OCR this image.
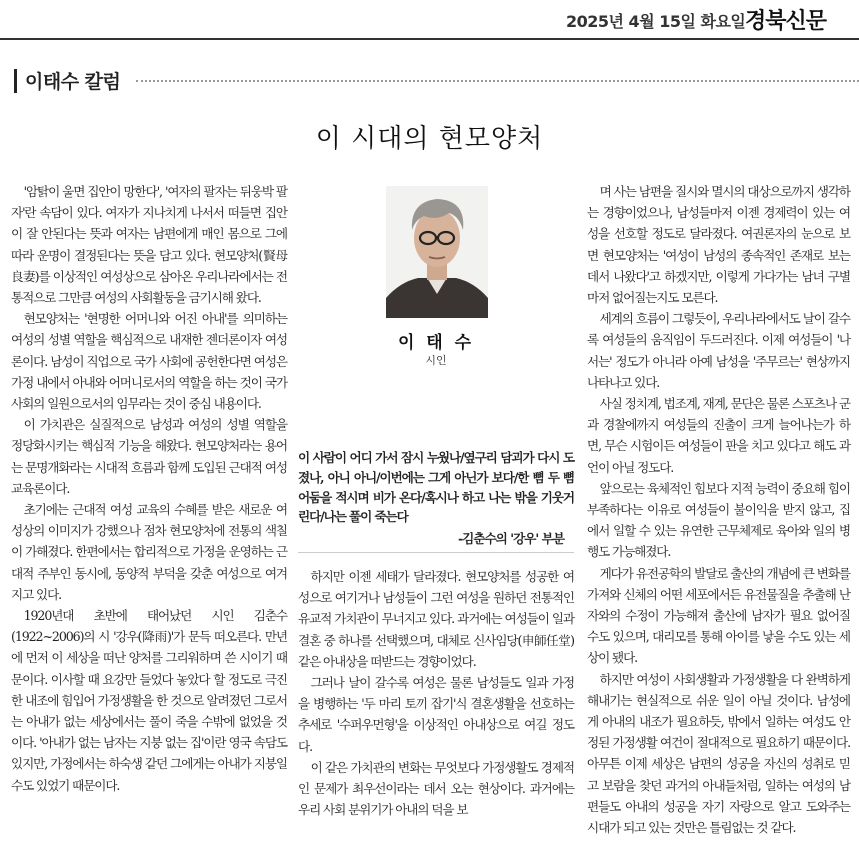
2025년 4월 15일 화요일 경북신문
이태수 칼럼
이 시대의 현모양처

'암탉이 울면 집안이 망한다', '여자의 팔자는 뒤웅박 팔자'란 속담이 있다. 여자가 지나치게 나서서 떠들면 집안이 잘 안된다는 뜻과 여자는 남편에게 매인 몸으로 그에 따라 운명이 결정된다는 뜻을 담고 있다. 현모양처(賢母良妻)를 이상적인 여성상으로 삼아온 우리나라에서는 전통적으로 그만큼 여성의 사회활동을 금기시해 왔다.

현모양처는 '현명한 어머니와 어진 아내'를 의미하는 여성의 성별 역할을 핵심적으로 내재한 젠더론이자 여성론이다. 남성이 직업으로 국가 사회에 공헌한다면 여성은 가정 내에서 아내와 어머니로서의 역할을 하는 것이 국가 사회의 일원으로서의 임무라는 것이 중심 내용이다.

이 가치관은 실질적으로 남성과 여성의 성별 역할을 정당화시키는 핵심적 기능을 해왔다. 현모양처라는 용어는 문명개화라는 시대적 흐름과 함께 도입된 근대적 여성교육론이다.

초기에는 근대적 여성 교육의 수혜를 받은 새로운 여성상의 이미지가 강했으나 점차 현모양처에 전통의 색칠이 가해졌다. 한편에서는 합리적으로 가정을 운영하는 근대적 주부인 동시에, 동양적 부덕을 갖춘 여성으로 여겨지고 있다.

1920년대 초반에 태어났던 시인 김춘수(1922~2006)의 시 '강우(降雨)'가 문득 떠오른다. 만년에 먼저 이 세상을 떠난 양처를 그리워하며 쓴 시이기 때문이다. 이사할 때 요강만 들었다 놓았다 할 정도로 극진한 내조에 힘입어 가정생활을 한 것으로 알려졌던 그로서는 아내가 없는 세상에서는 풀이 죽을 수밖에 없었을 것이다. '아내가 없는 남자는 지붕 없는 집'이란 영국 속담도 있지만, 가정에서는 하숙생 같던 그에게는 아내가 지붕일 수도 있었기 때문이다.

이 태 수
시인
이 사람이 어디 가서 잠시 누웠나/옆구리 담괴가 다시 도졌나, 아니 아니/이번에는 그게 아닌가 보다/한 뼘 두 뼘 어둠을 적시며 비가 온다/혹시나 하고 나는 밖을 기웃거린다/나는 풀이 죽는다
-김춘수의 '강우' 부분

하지만 이젠 세태가 달라졌다. 현모양처를 성공한 여성으로 여기거나 남성들이 그런 여성을 원하던 전통적인 유교적 가치관이 무너지고 있다. 과거에는 여성들이 일과 결혼 중 하나를 선택했으며, 대체로 신사임당(申師任堂) 같은 아내상을 떠받드는 경향이었다.

그러나 날이 갈수록 여성은 물론 남성들도 일과 가정을 병행하는 '두 마리 토끼 잡기'식 결혼생활을 선호하는 추세로 '수퍼우먼형'을 이상적인 아내상으로 여길 정도다.

이 같은 가치관의 변화는 무엇보다 가정생활도 경제적인 문제가 최우선이라는 데서 오는 현상이다. 과거에는 우리 사회 분위기가 아내의 덕을 보

며 사는 남편을 질시와 멸시의 대상으로까지 생각하는 경향이었으나, 남성들마저 이젠 경제력이 있는 여성을 선호할 정도로 달라졌다. 여권론자의 눈으로 보면 현모양처는 '여성이 남성의 종속적인 존재로 보는 데서 나왔다'고 하겠지만, 이렇게 가다가는 남녀 구별마저 없어질는지도 모른다.

세계의 흐름이 그렇듯이, 우리나라에서도 날이 갈수록 여성들의 움직임이 두드러진다. 이제 여성들이 '나서는' 정도가 아니라 아예 남성을 '주무르는' 현상까지 나타나고 있다.

사실 정치계, 법조계, 재계, 문단은 물론 스포츠나 군과 경찰에까지 여성들의 진출이 크게 늘어나는가 하면, 무슨 시험이든 여성들이 판을 치고 있다고 해도 과언이 아닐 정도다.

앞으로는 육체적인 힘보다 지적 능력이 중요해 힘이 부족하다는 이유로 여성들이 불이익을 받지 않고, 집에서 일할 수 있는 유연한 근무체제로 육아와 일의 병행도 가능해졌다.

게다가 유전공학의 발달로 출산의 개념에 큰 변화를 가져와 신체의 어떤 세포에서든 유전물질을 추출해 난자와의 수정이 가능해져 출산에 남자가 필요 없어질 수도 있으며, 대리모를 통해 아이를 낳을 수도 있는 세상이 됐다.

하지만 여성이 사회생활과 가정생활을 다 완벽하게 해내기는 현실적으로 쉬운 일이 아닐 것이다. 남성에게 아내의 내조가 필요하듯, 밖에서 일하는 여성도 안정된 가정생활 여건이 절대적으로 필요하기 때문이다. 아무튼 이제 세상은 남편의 성공을 자신의 성취로 믿고 보람을 찾던 과거의 아내들처럼, 일하는 여성의 남편들도 아내의 성공을 자기 자랑으로 알고 도와주는 시대가 되고 있는 것만은 틀림없는 것 같다.
